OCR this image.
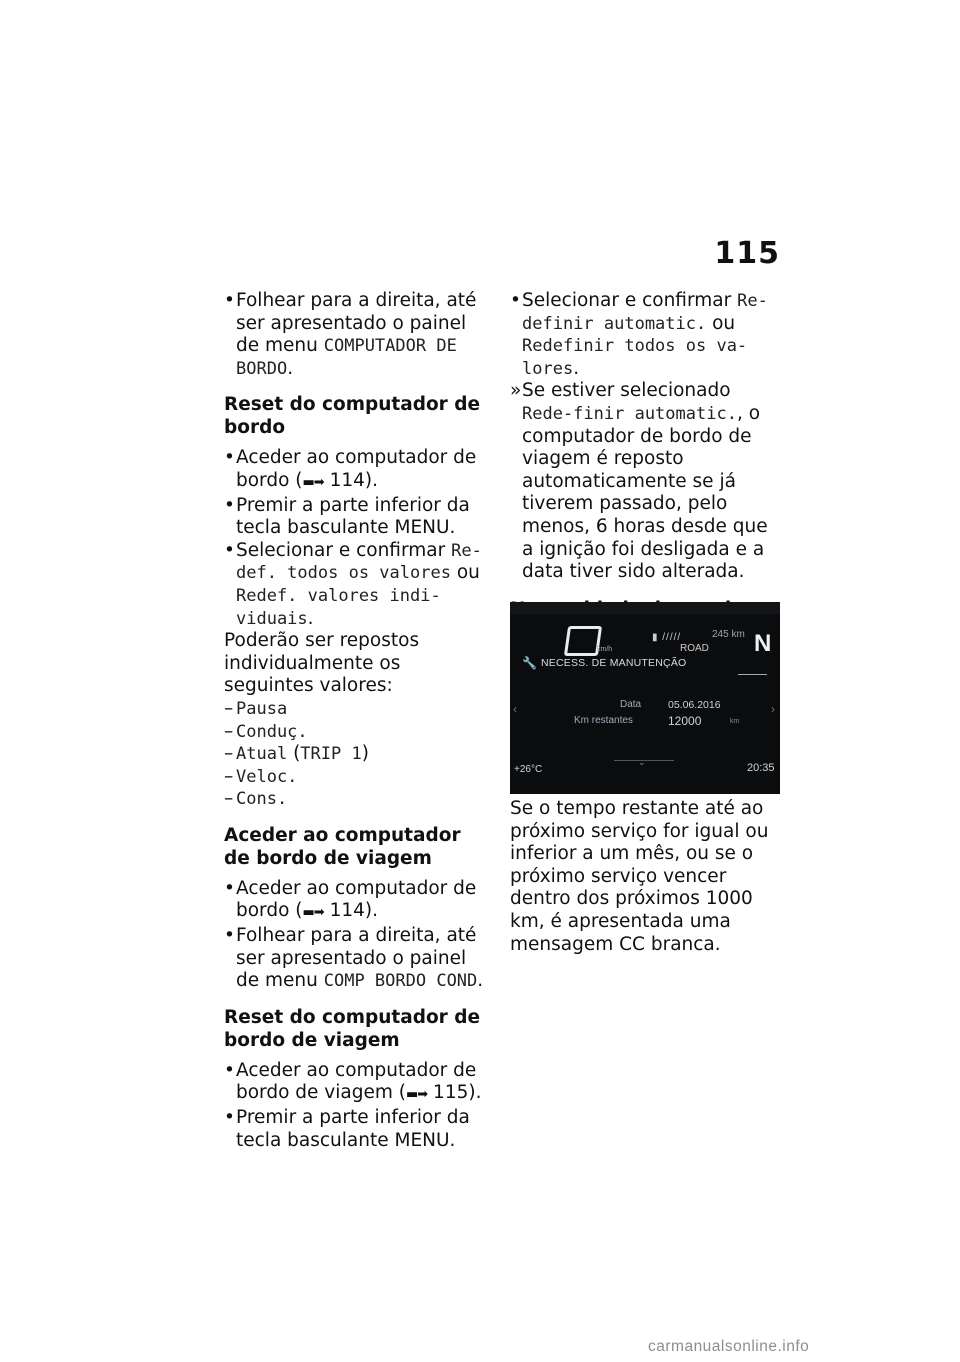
115
• Folhear para a direita, até ser apresentado o painel de menu COMPUTADOR DE BORDO.
Reset do computador de bordo
• Aceder ao computador de bordo (▬➡ 114).
• Premir a parte inferior da tecla basculante MENU.
• Selecionar e confirmar Re-def. todos os valores ou Redef. valores indi-viduais.

Poderão ser repostos individualmente os seguintes valores:

– Pausa
– Conduç.
– Atual (TRIP 1)
– Veloc.
– Cons.
Aceder ao computador de bordo de viagem
• Aceder ao computador de bordo (▬➡ 114).
• Folhear para a direita, até ser apresentado o painel de menu COMP BORDO COND.
Reset do computador de bordo de viagem
• Aceder ao computador de bordo de viagem (▬➡ 115).
• Premir a parte inferior da tecla basculante MENU.
• Selecionar e confirmar Re-definir automatic. ou Redefinir todos os va-lores.
» Se estiver selecionado Rede-finir automatic., o computador de bordo de viagem é reposto automaticamente se já tiverem passado, pelo menos, 6 horas desde que a ignição foi desligada e a data tiver sido alterada.
km/h
▮ /////	245 km
ROAD N
🔧 NECESS. DE MANUTENÇÃO
‹	›
Data	05.06.2016
Km restantes	12000	km
⌄
+26°C	20:35

Se o tempo restante até ao próximo serviço for igual ou inferior a um mês, ou se o próximo serviço vencer dentro dos próximos 1000 km, é apresentada uma mensagem CC branca.

carmanualsonline.info
